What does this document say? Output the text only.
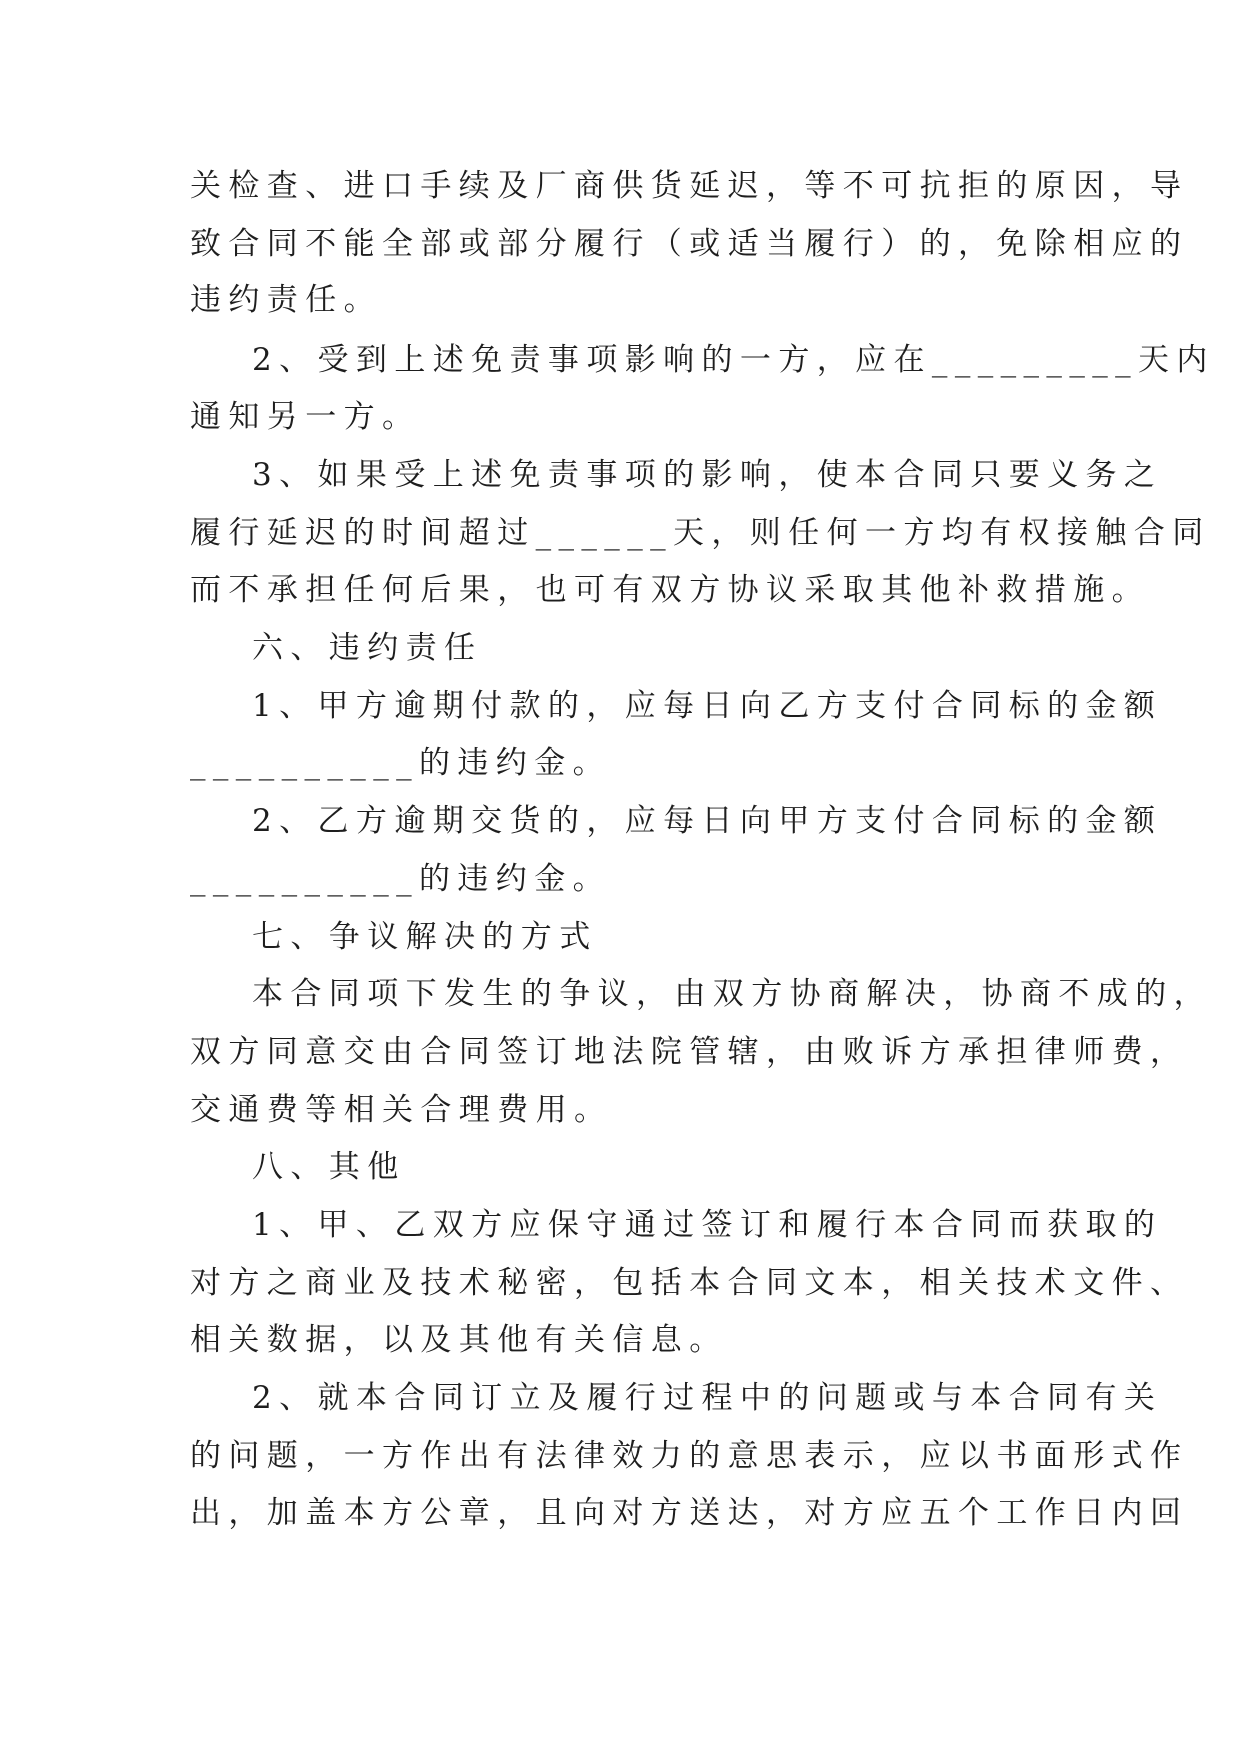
关检查、进口手续及厂商供货延迟，等不可抗拒的原因，导
致合同不能全部或部分履行（或适当履行）的，免除相应的
违约责任。
2、受到上述免责事项影响的一方，应在_________天内
通知另一方。
3、如果受上述免责事项的影响，使本合同只要义务之
履行延迟的时间超过______天，则任何一方均有权接触合同
而不承担任何后果，也可有双方协议采取其他补救措施。
六、违约责任
1、甲方逾期付款的，应每日向乙方支付合同标的金额
__________的违约金。
2、乙方逾期交货的，应每日向甲方支付合同标的金额
__________的违约金。
七、争议解决的方式
本合同项下发生的争议，由双方协商解决，协商不成的，
双方同意交由合同签订地法院管辖，由败诉方承担律师费，
交通费等相关合理费用。
八、其他
1、甲、乙双方应保守通过签订和履行本合同而获取的
对方之商业及技术秘密，包括本合同文本，相关技术文件、
相关数据，以及其他有关信息。
2、就本合同订立及履行过程中的问题或与本合同有关
的问题，一方作出有法律效力的意思表示，应以书面形式作
出，加盖本方公章，且向对方送达，对方应五个工作日内回
